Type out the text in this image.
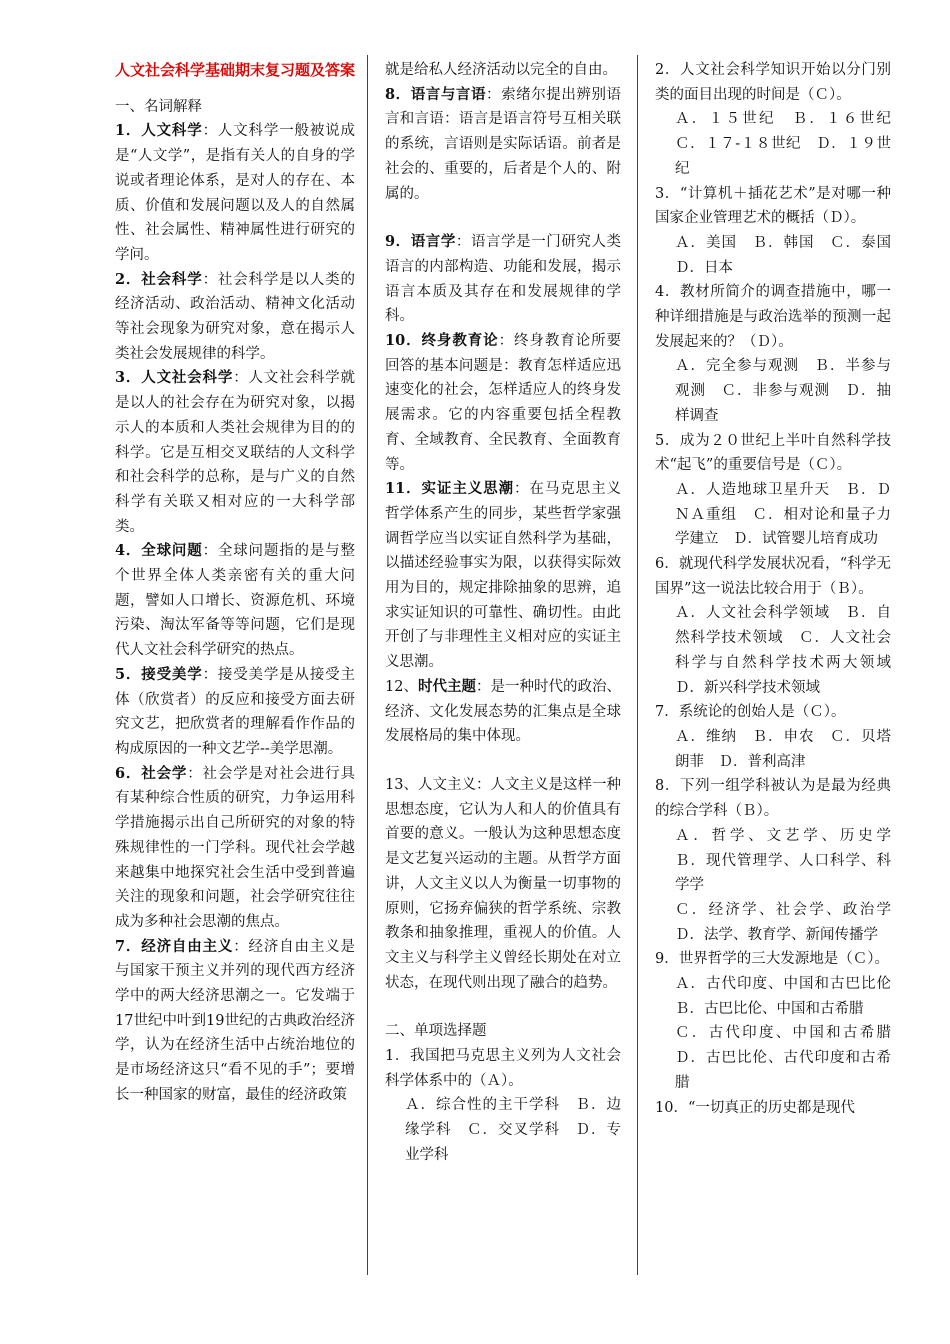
人文社会科学基础期末复习题及答案

一、名词解释

1．人文科学：人文科学一般被说成是“人文学”，是指有关人的自身的学说或者理论体系，是对人的存在、本质、价值和发展问题以及人的自然属性、社会属性、精神属性进行研究的学问。

2．社会科学：社会科学是以人类的经济活动、政治活动、精神文化活动等社会现象为研究对象，意在揭示人类社会发展规律的科学。

3．人文社会科学：人文社会科学就是以人的社会存在为研究对象，以揭示人的本质和人类社会规律为目的的科学。它是互相交叉联结的人文科学和社会科学的总称，是与广义的自然科学有关联又相对应的一大科学部类。

4．全球问题：全球问题指的是与整个世界全体人类亲密有关的重大问题，譬如人口增长、资源危机、环境污染、淘汰军备等等问题，它们是现代人文社会科学研究的热点。

5．接受美学：接受美学是从接受主体（欣赏者）的反应和接受方面去研究文艺，把欣赏者的理解看作作品的构成原因的一种文艺学--美学思潮。

6．社会学：社会学是对社会进行具有某种综合性质的研究，力争运用科学措施揭示出自己所研究的对象的特殊规律性的一门学科。现代社会学越来越集中地探究社会生活中受到普遍关注的现象和问题，社会学研究往往成为多种社会思潮的焦点。

7．经济自由主义：经济自由主义是与国家干预主义并列的现代西方经济学中的两大经济思潮之一。它发端于17世纪中叶到19世纪的古典政治经济学，认为在经济生活中占统治地位的是市场经济这只“看不见的手”；要增长一种国家的财富，最佳的经济政策

就是给私人经济活动以完全的自由。

8．语言与言语：索绪尔提出辨别语言和言语：语言是语言符号互相关联的系统，言语则是实际话语。前者是社会的、重要的，后者是个人的、附属的。

9．语言学：语言学是一门研究人类语言的内部构造、功能和发展，揭示语言本质及其存在和发展规律的学科。

10．终身教育论：终身教育论所要回答的基本问题是：教育怎样适应迅速变化的社会，怎样适应人的终身发展需求。它的内容重要包括全程教育、全域教育、全民教育、全面教育等。

11．实证主义思潮：在马克思主义哲学体系产生的同步，某些哲学家强调哲学应当以实证自然科学为基础，以描述经验事实为限，以获得实际效用为目的，规定排除抽象的思辨，追求实证知识的可靠性、确切性。由此开创了与非理性主义相对应的实证主义思潮。

12、时代主题：是一种时代的政治、经济、文化发展态势的汇集点是全球发展格局的集中体现。

13、人文主义：人文主义是这样一种思想态度，它认为人和人的价值具有首要的意义。一般认为这种思想态度是文艺复兴运动的主题。从哲学方面讲，人文主义以人为衡量一切事物的原则，它扬弃偏狭的哲学系统、宗教教条和抽象推理，重视人的价值。人文主义与科学主义曾经长期处在对立状态，在现代则出现了融合的趋势。

二、单项选择题

1．我国把马克思主义列为人文社会科学体系中的（Ａ）。

Ａ．综合性的主干学科　Ｂ．边缘学科　Ｃ．交叉学科　Ｄ．专业学科

2．人文社会科学知识开始以分门别类的面目出现的时间是（Ｃ）。

Ａ．１５世纪　Ｂ．１６世纪　Ｃ．１７-１８世纪　Ｄ．１９世纪

3．“计算机＋插花艺术”是对哪一种国家企业管理艺术的概括（Ｄ）。

Ａ．美国　Ｂ．韩国　Ｃ．泰国　Ｄ．日本

4．教材所简介的调查措施中，哪一种详细措施是与政治选举的预测一起发展起来的？（Ｄ）。

Ａ．完全参与观测　Ｂ．半参与观测　Ｃ．非参与观测　Ｄ．抽样调查

5．成为２０世纪上半叶自然科学技术“起飞”的重要信号是（Ｃ）。

Ａ．人造地球卫星升天　Ｂ．ＤＮＡ重组　Ｃ．相对论和量子力学建立　Ｄ．试管婴儿培育成功

6．就现代科学发展状况看，“科学无国界”这一说法比较合用于（Ｂ）。

Ａ．人文社会科学领域　Ｂ．自然科学技术领域　Ｃ．人文社会科学与自然科学技术两大领域　Ｄ．新兴科学技术领域

7．系统论的创始人是（Ｃ）。

Ａ．维纳　Ｂ．申农　Ｃ．贝塔朗菲　Ｄ．普利高津

8．下列一组学科被认为是最为经典的综合学科（Ｂ）。

Ａ．哲学、文艺学、历史学　Ｂ．现代管理学、人口科学、科学学

Ｃ．经济学、社会学、政治学　Ｄ．法学、教育学、新闻传播学

9．世界哲学的三大发源地是（Ｃ）。

Ａ．古代印度、中国和古巴比伦　Ｂ．古巴比伦、中国和古希腊

Ｃ．古代印度、中国和古希腊　Ｄ．古巴比伦、古代印度和古希腊

10．“一切真正的历史都是现代
